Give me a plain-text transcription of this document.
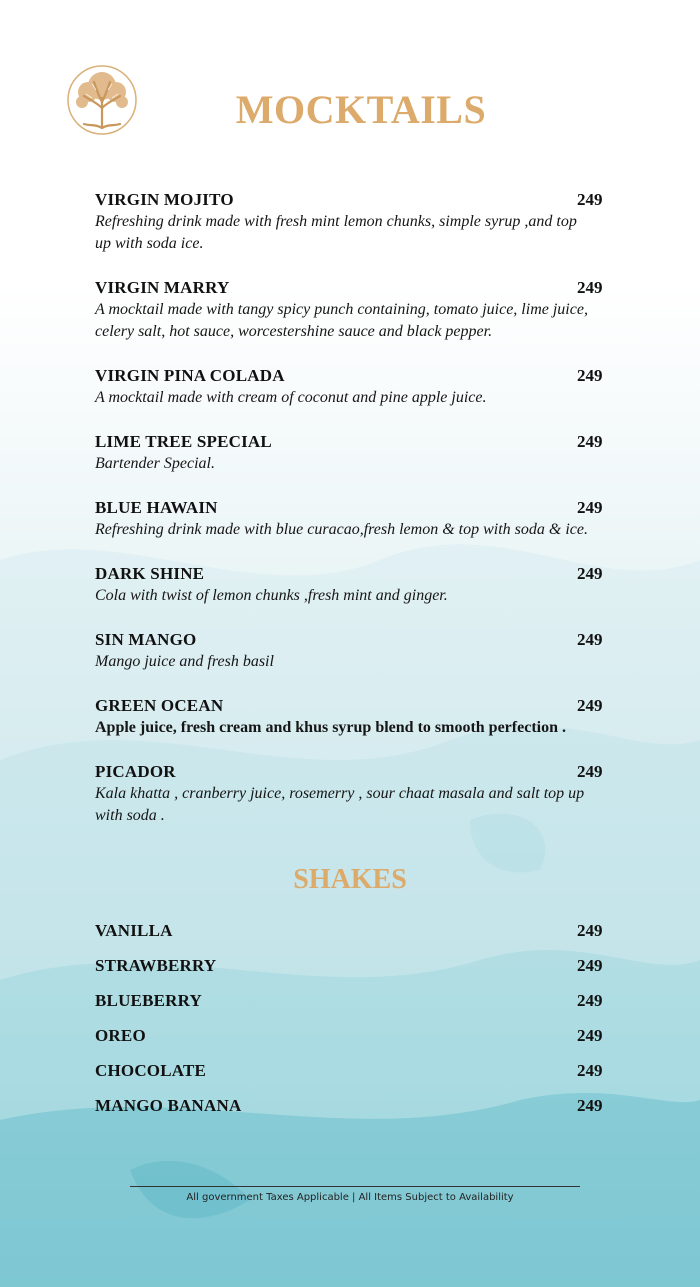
MOCKTAILS
VIRGIN MOJITO	249
Refreshing drink made with fresh mint lemon chunks, simple syrup ,and top
up with soda ice.
VIRGIN MARRY	249
A mocktail made with tangy spicy punch containing, tomato juice, lime juice,
celery salt, hot sauce, worcestershine sauce and black pepper.
VIRGIN PINA COLADA	249
A mocktail made with cream of coconut and pine apple juice.
LIME TREE SPECIAL	249
Bartender Special.
BLUE HAWAIN	249
Refreshing drink made with blue curacao,fresh lemon & top with soda & ice.
DARK SHINE	249
Cola with twist of lemon chunks ,fresh mint and ginger.
SIN MANGO	249
Mango juice and fresh basil
GREEN OCEAN	249
Apple juice, fresh cream and khus syrup blend to smooth perfection .
PICADOR	249
Kala khatta , cranberry juice, rosemerry , sour chaat masala and salt top up
with soda .
SHAKES
VANILLA	249
STRAWBERRY	249
BLUEBERRY	249
OREO	249
CHOCOLATE	249
MANGO BANANA	249
All government Taxes Applicable | All Items Subject to Availability
